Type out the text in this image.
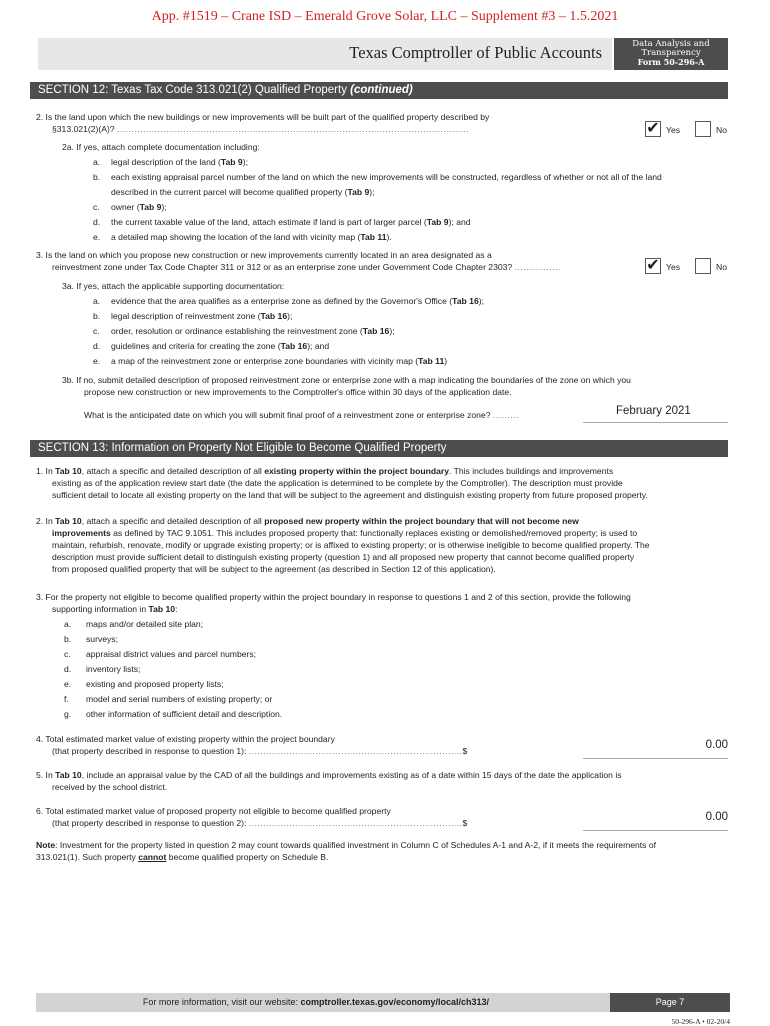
App. #1519 – Crane ISD – Emerald Grove Solar, LLC – Supplement #3 – 1.5.2021
Texas Comptroller of Public Accounts	Data Analysis and
Transparency
Form 50-296-A
SECTION 12: Texas Tax Code 313.021(2) Qualified Property (continued)
2. Is the land upon which the new buildings or new improvements will be built part of the qualified property described by
§313.021(2)(A)? ..........................................................................................................................	✔ Yes	No
2a. If yes, attach complete documentation including:
a. legal description of the land (Tab 9);
b. each existing appraisal parcel number of the land on which the new improvements will be constructed, regardless of whether or not all of the land
described in the current parcel will become qualified property (Tab 9);
c. owner (Tab 9);
d. the current taxable value of the land, attach estimate if land is part of larger parcel (Tab 9); and
e. a detailed map showing the location of the land with vicinity map (Tab 11).
3. Is the land on which you propose new construction or new improvements currently located in an area designated as a
reinvestment zone under Tax Code Chapter 311 or 312 or as an enterprise zone under Government Code Chapter 2303? ................	✔ Yes	No
3a. If yes, attach the applicable supporting documentation:
a. evidence that the area qualifies as a enterprise zone as defined by the Governor's Office (Tab 16);
b. legal description of reinvestment zone (Tab 16);
c. order, resolution or ordinance establishing the reinvestment zone (Tab 16);
d. guidelines and criteria for creating the zone (Tab 16); and
e. a map of the reinvestment zone or enterprise zone boundaries with vicinity map (Tab 11)
3b. If no, submit detailed description of proposed reinvestment zone or enterprise zone with a map indicating the boundaries of the zone on which you
propose new construction or new improvements to the Comptroller's office within 30 days of the application date.
What is the anticipated date on which you will submit final proof of a reinvestment zone or enterprise zone? .........	February 2021
SECTION 13: Information on Property Not Eligible to Become Qualified Property
1. In Tab 10, attach a specific and detailed description of all existing property within the project boundary. This includes buildings and improvements
existing as of the application review start date (the date the application is determined to be complete by the Comptroller). The description must provide
sufficient detail to locate all existing property on the land that will be subject to the agreement and distinguish existing property from future proposed property.
2. In Tab 10, attach a specific and detailed description of all proposed new property within the project boundary that will not become new
improvements as defined by TAC 9.1051. This includes proposed property that: functionally replaces existing or demolished/removed property; is used to
maintain, refurbish, renovate, modify or upgrade existing property; or is affixed to existing property; or is otherwise ineligible to become qualified property. The
description must provide sufficient detail to distinguish existing property (question 1) and all proposed new property that cannot become qualified property
from proposed qualified property that will be subject to the agreement (as described in Section 12 of this application).
3. For the property not eligible to become qualified property within the project boundary in response to questions 1 and 2 of this section, provide the following
supporting information in Tab 10:
a. maps and/or detailed site plan;
b. surveys;
c. appraisal district values and parcel numbers;
d. inventory lists;
e. existing and proposed property lists;
f. model and serial numbers of existing property; or
g. other information of sufficient detail and description.
4. Total estimated market value of existing property within the project boundary
(that property described in response to question 1): ..........................................................................$	0.00
5. In Tab 10, include an appraisal value by the CAD of all the buildings and improvements existing as of a date within 15 days of the date the application is
received by the school district.
6. Total estimated market value of proposed property not eligible to become qualified property
(that property described in response to question 2): ..........................................................................$	0.00
Note: Investment for the property listed in question 2 may count towards qualified investment in Column C of Schedules A-1 and A-2, if it meets the requirements of
313.021(1). Such property cannot become qualified property on Schedule B.
For more information, visit our website: comptroller.texas.gov/economy/local/ch313/	Page 7
50-296-A • 02-20/4
